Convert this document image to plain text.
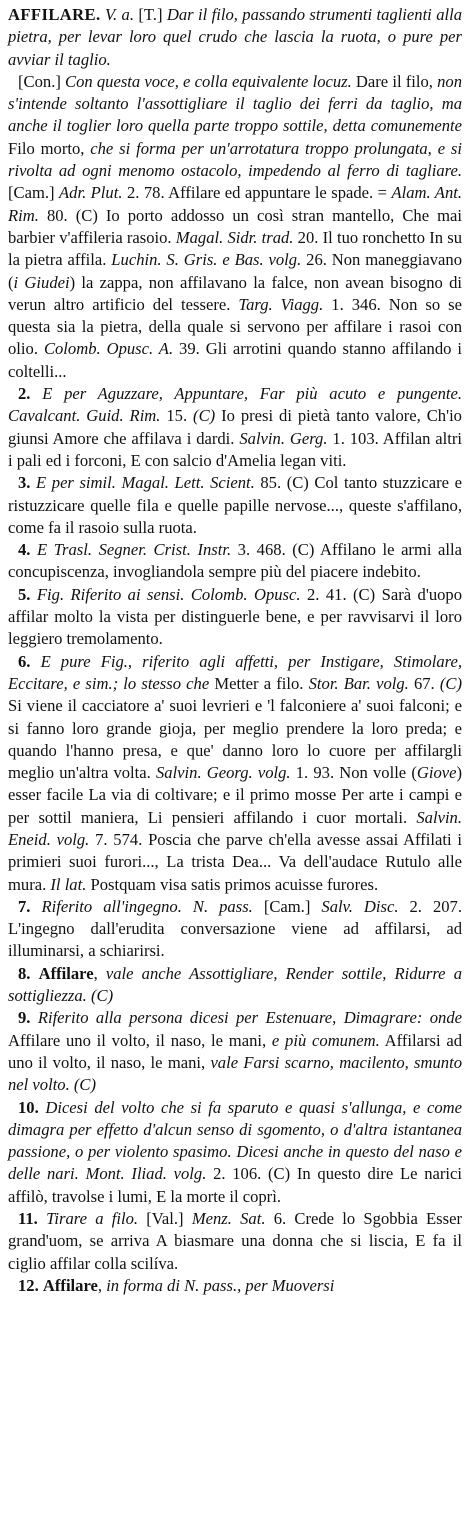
AFFILARE. V. a. [T.] Dar il filo, passando strumenti taglienti alla pietra, per levar loro quel crudo che lascia la ruota, o pure per avviar il taglio.

[Con.] Con questa voce, e colla equivalente locuz. Dare il filo, non s'intende soltanto l'assottigliare il taglio dei ferri da taglio, ma anche il toglier loro quella parte troppo sottile, detta comunemente Filo morto, che si forma per un'arrotatura troppo prolungata, e si rivolta ad ogni menomo ostacolo, impedendo al ferro di tagliare. [Cam.] Adr. Plut. 2. 78. Affilare ed appuntare le spade. = Alam. Ant. Rim. 80. (C) Io porto addosso un così stran mantello, Che mai barbier v'affileria rasoio. Magal. Sidr. trad. 20. Il tuo ronchetto In su la pietra affila. Luchin. S. Gris. e Bas. volg. 26. Non maneggiavano (i Giudei) la zappa, non affilavano la falce, non avean bisogno di verun altro artificio del tessere. Targ. Viagg. 1. 346. Non so se questa sia la pietra, della quale si servono per affilare i rasoi con olio. Colomb. Opusc. A. 39. Gli arrotini quando stanno affilando i coltelli...

2. E per Aguzzare, Appuntare, Far più acuto e pungente. Cavalcant. Guid. Rim. 15. (C) Io presi di pietà tanto valore, Ch'io giunsi Amore che affilava i dardi. Salvin. Gerg. 1. 103. Affilan altri i pali ed i forconi, E con salcio d'Amelia legan viti.

3. E per simil. Magal. Lett. Scient. 85. (C) Col tanto stuzzicare e ristuzzicare quelle fila e quelle papille nervose..., queste s'affilano, come fa il rasoio sulla ruota.

4. E Trasl. Segner. Crist. Instr. 3. 468. (C) Affilano le armi alla concupiscenza, invogliandola sempre più del piacere indebito.

5. Fig. Riferito ai sensi. Colomb. Opusc. 2. 41. (C) Sarà d'uopo affilar molto la vista per distinguerle bene, e per ravvisarvi il loro leggiero tremolamento.

6. E pure Fig., riferito agli affetti, per Instigare, Stimolare, Eccitare, e sim.; lo stesso che Metter a filo. Stor. Bar. volg. 67. (C) Si viene il cacciatore a' suoi levrieri e 'l falconiere a' suoi falconi; e si fanno loro grande gioja, per meglio prendere la loro preda; e quando l'hanno presa, e que' danno loro lo cuore per affilargli meglio un'altra volta. Salvin. Georg. volg. 1. 93. Non volle (Giove) esser facile La via di coltivare; e il primo mosse Per arte i campi e per sottil maniera, Li pensieri affilando i cuor mortali. Salvin. Eneid. volg. 7. 574. Poscia che parve ch'ella avesse assai Affilati i primieri suoi furori..., La trista Dea... Va dell'audace Rutulo alle mura. Il lat. Postquam visa satis primos acuisse furores.

7. Riferito all'ingegno. N. pass. [Cam.] Salv. Disc. 2. 207. L'ingegno dall'erudita conversazione viene ad affilarsi, ad illuminarsi, a schiarirsi.

8. Affilare, vale anche Assottigliare, Render sottile, Ridurre a sottigliezza. (C)

9. Riferito alla persona dicesi per Estenuare, Dimagrare: onde Affilare uno il volto, il naso, le mani, e più comunem. Affilarsi ad uno il volto, il naso, le mani, vale Farsi scarno, macilento, smunto nel volto. (C)

10. Dicesi del volto che si fa sparuto e quasi s'allunga, e come dimagra per effetto d'alcun senso di sgomento, o d'altra istantanea passione, o per violento spasimo. Dicesi anche in questo del naso e delle nari. Mont. Iliad. volg. 2. 106. (C) In questo dire Le narici affilò, travolse i lumi, E la morte il coprì.

11. Tirare a filo. [Val.] Menz. Sat. 6. Crede lo Sgobbia Esser grand'uom, se arriva A biasmare una donna che si liscia, E fa il ciglio affilar colla scilíva.

12. Affilare, in forma di N. pass., per Muoversi
